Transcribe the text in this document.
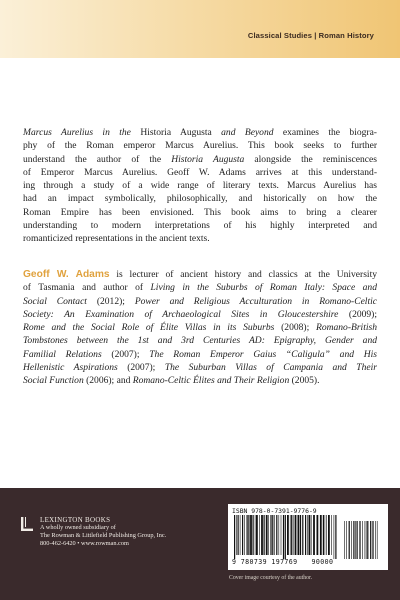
Classical Studies | Roman History
Marcus Aurelius in the Historia Augusta and Beyond examines the biogra-
phy of the Roman emperor Marcus Aurelius. This book seeks to further
understand the author of the Historia Augusta alongside the reminiscences
of Emperor Marcus Aurelius. Geoff W. Adams arrives at this understand-
ing through a study of a wide range of literary texts. Marcus Aurelius has
had an impact symbolically, philosophically, and historically on how the
Roman Empire has been envisioned. This book aims to bring a clearer
understanding to modern interpretations of his highly interpreted and
romanticized representations in the ancient texts.
Geoff W. Adams is lecturer of ancient history and classics at the University
of Tasmania and author of Living in the Suburbs of Roman Italy: Space and
Social Contact (2012); Power and Religious Acculturation in Romano-Celtic
Society: An Examination of Archaeological Sites in Gloucestershire (2009);
Rome and the Social Role of Élite Villas in its Suburbs (2008); Romano-British
Tombstones between the 1st and 3rd Centuries AD: Epigraphy, Gender and
Familial Relations (2007); The Roman Emperor Gaius “Caligula” and His
Hellenistic Aspirations (2007); The Suburban Villas of Campania and Their
Social Function (2006); and Romano-Celtic Élites and Their Religion (2005).
LEXINGTON BOOKS
A wholly owned subsidiary of
The Rowman & Littlefield Publishing Group, Inc.
800-462-6420 • www.rowman.com
ISBN 978-0-7391-9776-9
9 780739 197769 90000
Cover image courtesy of the author.
